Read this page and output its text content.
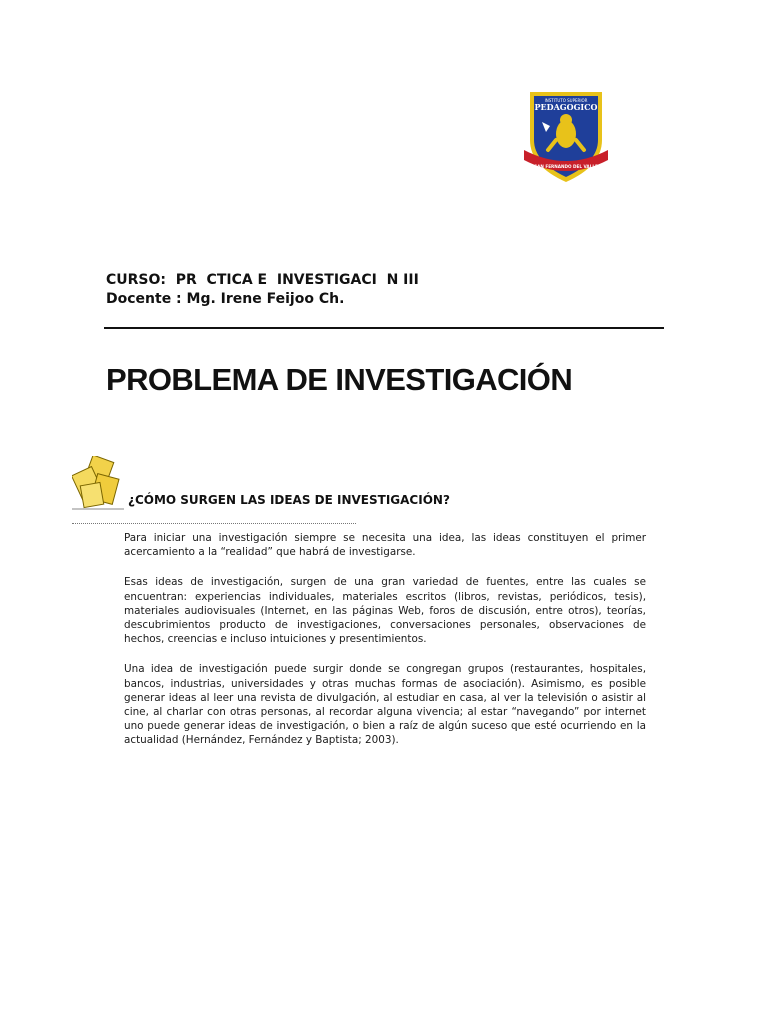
INSTITUTO SUPERIOR
PEDAGOGICO
SAN FERNANDO DEL VALLE
CURSO:  PR  CTICA E  INVESTIGACI  N III
Docente : Mg. Irene Feijoo Ch.
PROBLEMA DE INVESTIGACIÓN
¿CÓMO SURGEN LAS IDEAS DE INVESTIGACIÓN?

Para iniciar una investigación siempre se necesita una idea, las ideas constituyen el primer acercamiento a la “realidad” que habrá de investigarse.

Esas ideas de investigación, surgen de una gran variedad de fuentes, entre las cuales se encuentran: experiencias individuales, materiales escritos (libros, revistas, periódicos, tesis), materiales audiovisuales (Internet, en las páginas Web, foros de discusión, entre otros), teorías, descubrimientos producto de investigaciones, conversaciones personales, observaciones de hechos, creencias e incluso intuiciones y presentimientos.

Una idea de investigación puede surgir donde se congregan grupos (restaurantes, hospitales, bancos, industrias, universidades y otras muchas formas de asociación). Asimismo, es posible generar ideas al leer una revista de divulgación, al estudiar en casa, al ver la televisión o asistir al cine, al charlar con otras personas, al recordar alguna vivencia; al estar “navegando” por internet uno puede generar ideas de investigación, o bien a raíz de algún suceso que esté ocurriendo en la actualidad (Hernández, Fernández y Baptista; 2003).
